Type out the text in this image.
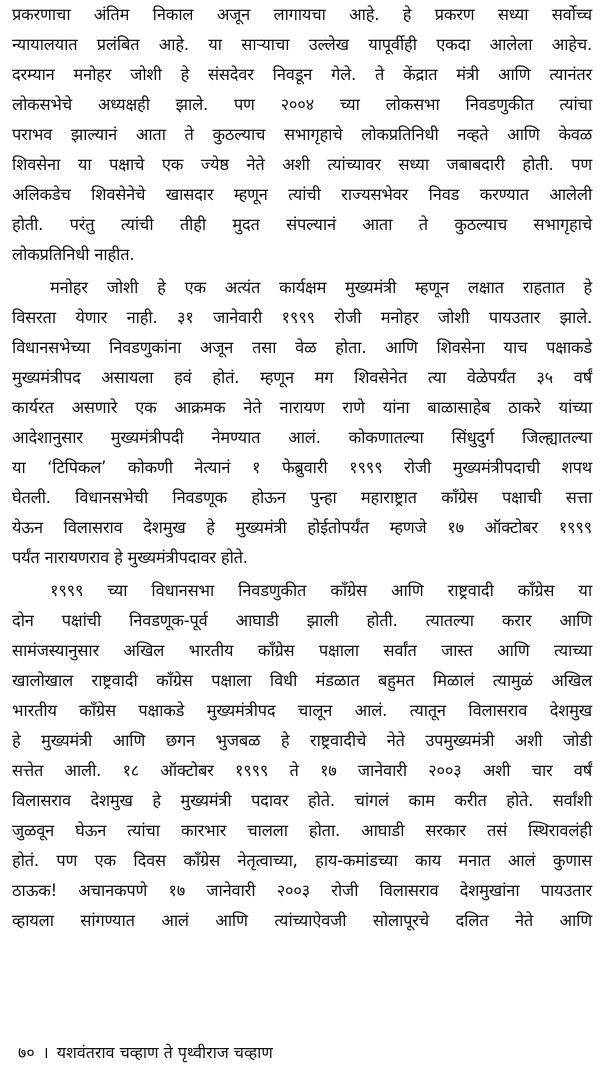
प्रकरणाचा अंतिम निकाल अजून लागायचा आहे. हे प्रकरण सध्या सर्वोच्च
न्यायालयात प्रलंबित आहे. या साऱ्याचा उल्लेख यापूर्वीही एकदा आलेला आहेच.
दरम्यान मनोहर जोशी हे संसदेवर निवडून गेले. ते केंद्रात मंत्री आणि त्यानंतर
लोकसभेचे अध्यक्षही झाले. पण २००४ च्या लोकसभा निवडणुकीत त्यांचा
पराभव झाल्यानं आता ते कुठल्याच सभागृहाचे लोकप्रतिनिधी नव्हते आणि केवळ
शिवसेना या पक्षाचे एक ज्येष्ठ नेते अशी त्यांच्यावर सध्या जबाबदारी होती. पण
अलिकडेच शिवसेनेचे खासदार म्हणून त्यांची राज्यसभेवर निवड करण्यात आलेली
होती. परंतु त्यांची तीही मुदत संपल्यानं आता ते कुठल्याच सभागृहाचे
लोकप्रतिनिधी नाहीत.
मनोहर जोशी हे एक अत्यंत कार्यक्षम मुख्यमंत्री म्हणून लक्षात राहतात हे
विसरता येणार नाही. ३१ जानेवारी १९९९ रोजी मनोहर जोशी पायउतार झाले.
विधानसभेच्या निवडणुकांना अजून तसा वेळ होता. आणि शिवसेना याच पक्षाकडे
मुख्यमंत्रीपद असायला हवं होतं. म्हणून मग शिवसेनेत त्या वेळेपर्यंत ३५ वर्षं
कार्यरत असणारे एक आक्रमक नेते नारायण राणे यांना बाळासाहेब ठाकरे यांच्या
आदेशानुसार मुख्यमंत्रीपदी नेमण्यात आलं. कोकणातल्या सिंधुदुर्ग जिल्ह्यातल्या
या ‘टिपिकल’ कोकणी नेत्यानं १ फेब्रुवारी १९९९ रोजी मुख्यमंत्रीपदाची शपथ
घेतली. विधानसभेची निवडणूक होऊन पुन्हा महाराष्ट्रात काँग्रेस पक्षाची सत्ता
येऊन विलासराव देशमुख हे मुख्यमंत्री होईतोपर्यंत म्हणजे १७ ऑक्टोबर १९९९
पर्यंत नारायणराव हे मुख्यमंत्रीपदावर होते.
१९९९ च्या विधानसभा निवडणुकीत काँग्रेस आणि राष्ट्रवादी काँग्रेस या
दोन पक्षांची निवडणूक-पूर्व आघाडी झाली होती. त्यातल्या करार आणि
सामंजस्यानुसार अखिल भारतीय काँग्रेस पक्षाला सर्वांत जास्त आणि त्याच्या
खालोखाल राष्ट्रवादी काँग्रेस पक्षाला विधी मंडळात बहुमत मिळालं त्यामुळं अखिल
भारतीय काँग्रेस पक्षाकडे मुख्यमंत्रीपद चालून आलं. त्यातून विलासराव देशमुख
हे मुख्यमंत्री आणि छगन भुजबळ हे राष्ट्रवादीचे नेते उपमुख्यमंत्री अशी जोडी
सत्तेत आली. १८ ऑक्टोबर १९९९ ते १७ जानेवारी २००३ अशी चार वर्षं
विलासराव देशमुख हे मुख्यमंत्री पदावर होते. चांगलं काम करीत होते. सर्वांशी
जुळवून घेऊन त्यांचा कारभार चालला होता. आघाडी सरकार तसं स्थिरावलंही
होतं. पण एक दिवस काँग्रेस नेतृत्वाच्या, हाय-कमांडच्या काय मनात आलं कुणास
ठाऊक! अचानकपणे १७ जानेवारी २००३ रोजी विलासराव देशमुखांना पायउतार
व्हायला सांगण्यात आलं आणि त्यांच्याऐवजी सोलापूरचे दलित नेते आणि
७० । यशवंतराव चव्हाण ते पृथ्वीराज चव्हाण
